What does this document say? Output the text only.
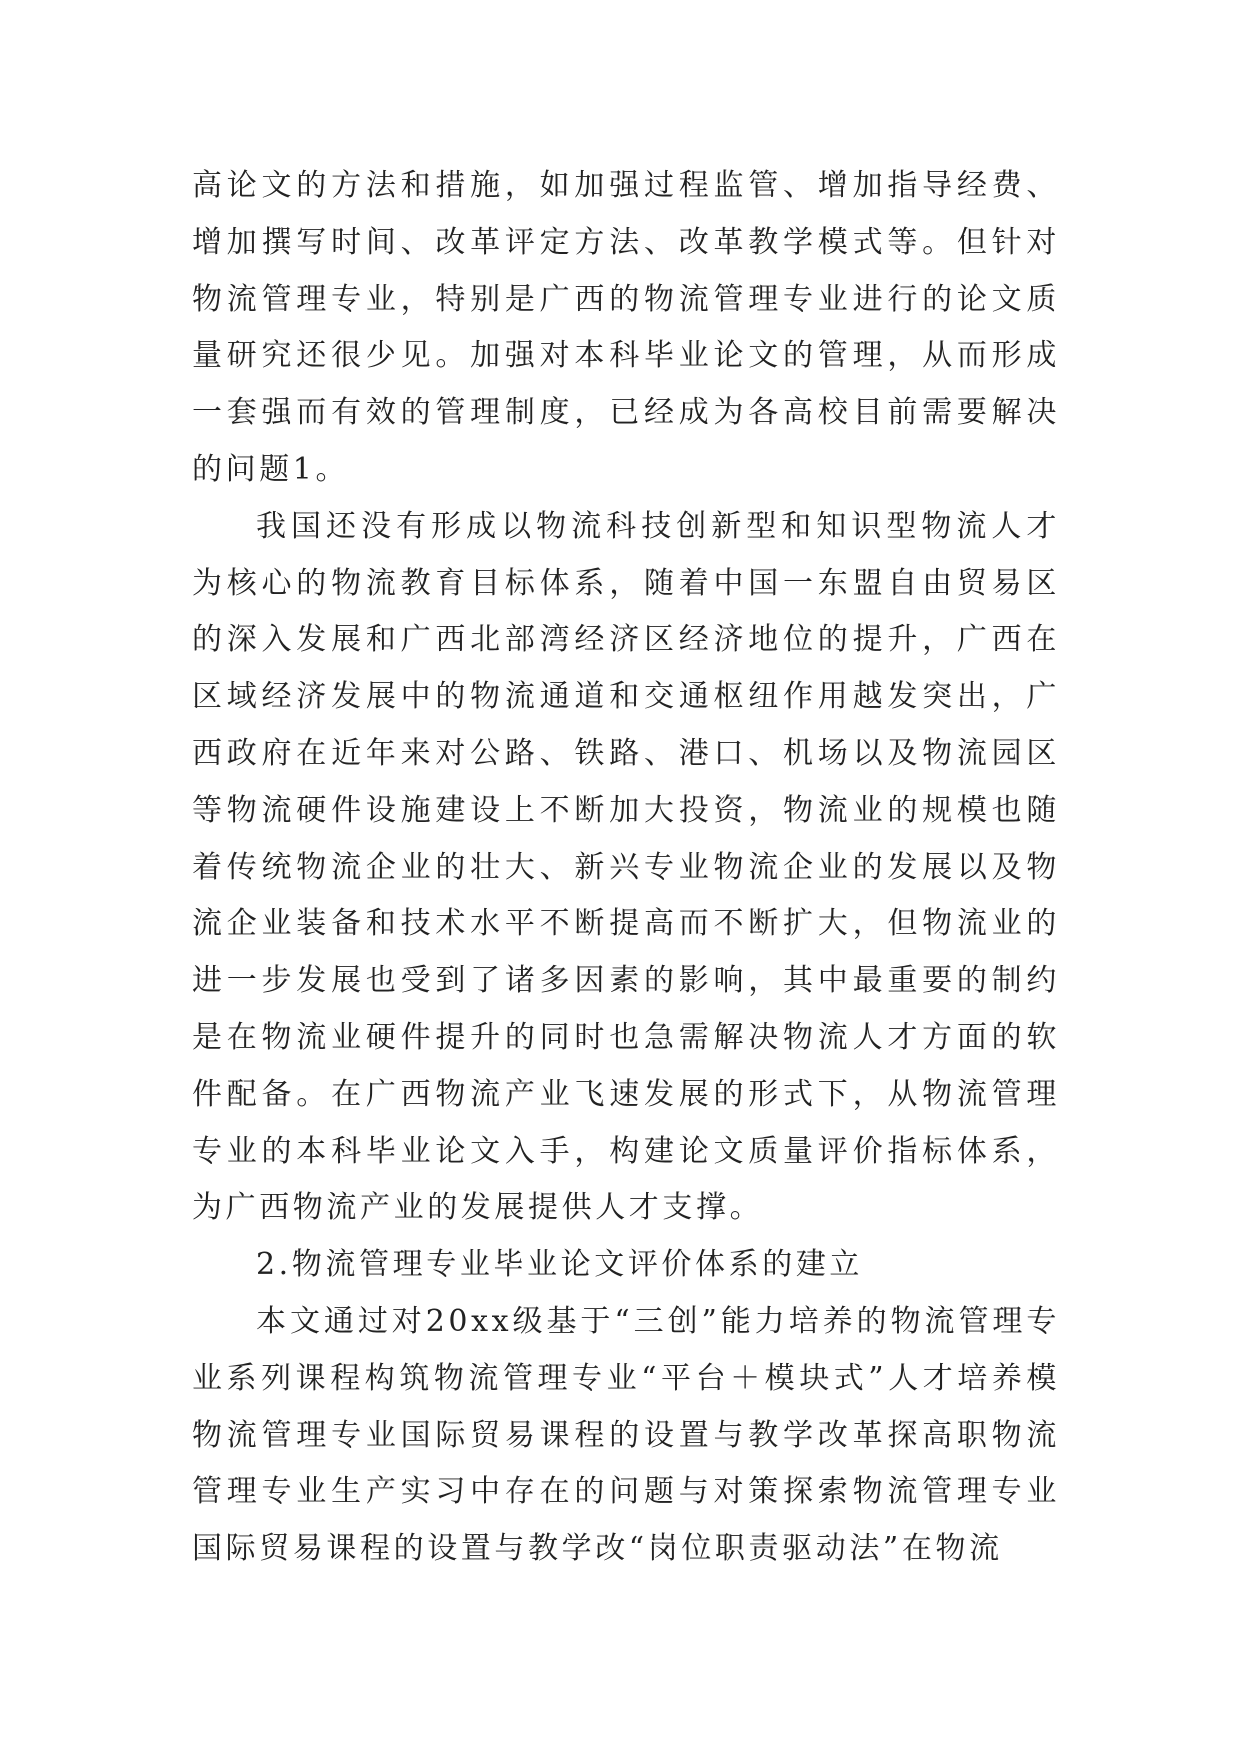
高论文的方法和措施，如加强过程监管、增加指导经费、增加撰写时间、改革评定方法、改革教学模式等。但针对物流管理专业，特别是广西的物流管理专业进行的论文质量研究还很少见。加强对本科毕业论文的管理，从而形成一套强而有效的管理制度，已经成为各高校目前需要解决的问题1。

我国还没有形成以物流科技创新型和知识型物流人才为核心的物流教育目标体系，随着中国一东盟自由贸易区的深入发展和广西北部湾经济区经济地位的提升，广西在区域经济发展中的物流通道和交通枢纽作用越发突出，广西政府在近年来对公路、铁路、港口、机场以及物流园区等物流硬件设施建设上不断加大投资，物流业的规模也随着传统物流企业的壮大、新兴专业物流企业的发展以及物流企业装备和技术水平不断提高而不断扩大，但物流业的进一步发展也受到了诸多因素的影响，其中最重要的制约是在物流业硬件提升的同时也急需解决物流人才方面的软件配备。在广西物流产业飞速发展的形式下，从物流管理专业的本科毕业论文入手，构建论文质量评价指标体系，为广西物流产业的发展提供人才支撑。

2.物流管理专业毕业论文评价体系的建立

本文通过对20xx级基于“三创”能力培养的物流管理专业系列课程构筑物流管理专业“平台＋模块式”人才培养模物流管理专业国际贸易课程的设置与教学改革探高职物流管理专业生产实习中存在的问题与对策探索物流管理专业国际贸易课程的设置与教学改“岗位职责驱动法”在物流
